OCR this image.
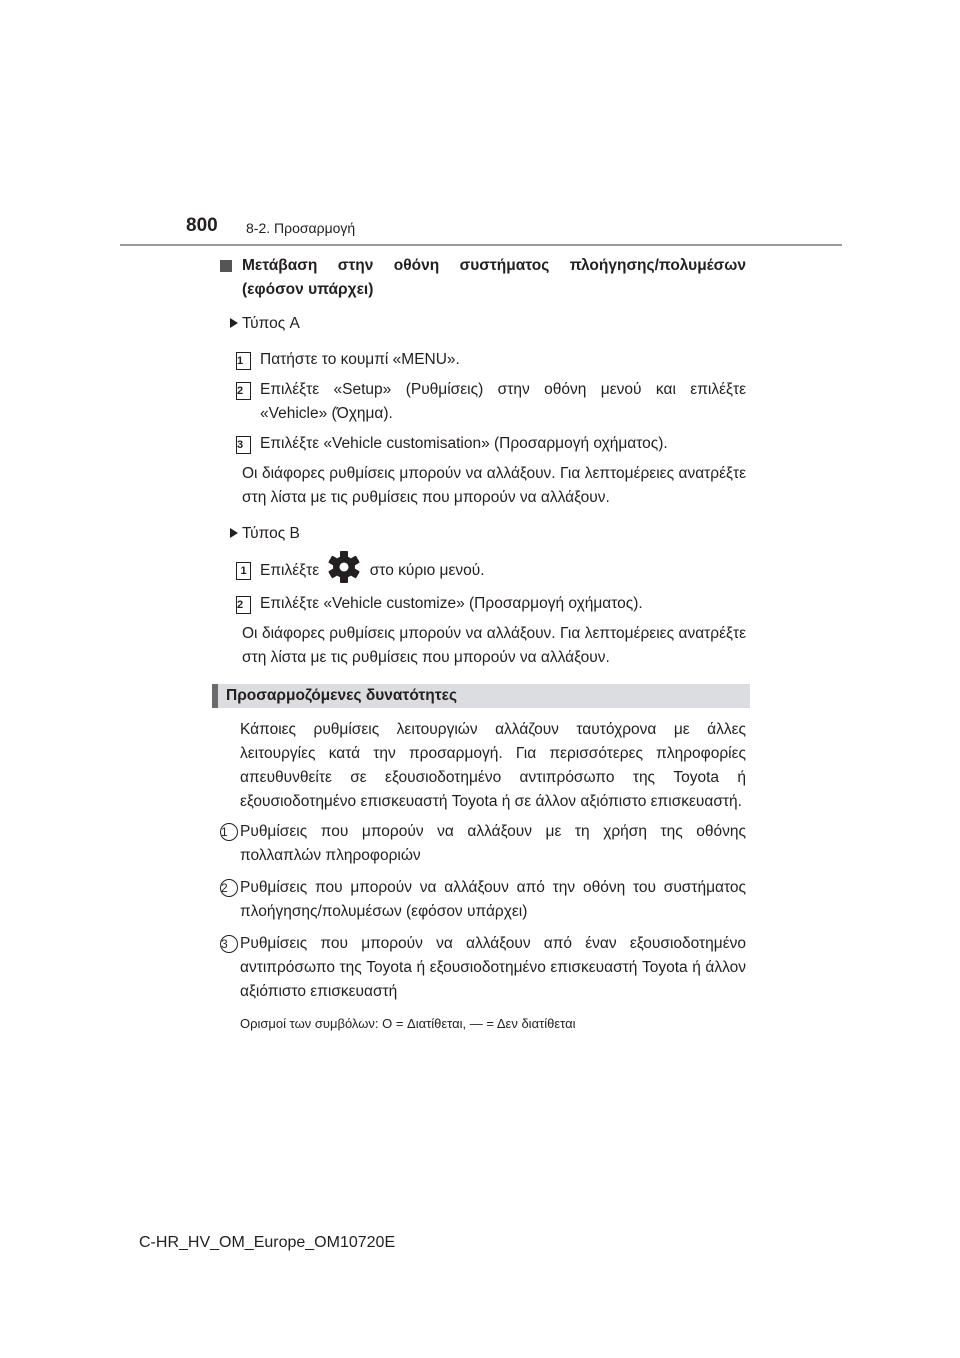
800 8-2. Προσαρμογή
Μετάβαση στην οθόνη συστήματος πλοήγησης/πολυμέσων (εφόσον υπάρχει)
Τύπος A
1	Πατήστε το κουμπί «MENU».
2	Επιλέξτε «Setup» (Ρυθμίσεις) στην οθόνη μενού και επιλέξτε «Vehicle» (Όχημα).
3	Επιλέξτε «Vehicle customisation» (Προσαρμογή οχήματος).
Οι διάφορες ρυθμίσεις μπορούν να αλλάξουν. Για λεπτομέρειες ανατρέξτε στη λίστα με τις ρυθμίσεις που μπορούν να αλλάξουν.
Τύπος B
1 Επιλέξτε	στο κύριο μενού.
2	Επιλέξτε «Vehicle customize» (Προσαρμογή οχήματος).
Οι διάφορες ρυθμίσεις μπορούν να αλλάξουν. Για λεπτομέρειες ανατρέξτε στη λίστα με τις ρυθμίσεις που μπορούν να αλλάξουν.
Προσαρμοζόμενες δυνατότητες
Κάποιες ρυθμίσεις λειτουργιών αλλάζουν ταυτόχρονα με άλλες λειτουργίες κατά την προσαρμογή. Για περισσότερες πληροφορίες απευθυνθείτε σε εξουσιοδοτημένο αντιπρόσωπο της Toyota ή εξουσιοδοτημένο επισκευαστή Toyota ή σε άλλον αξιόπιστο επισκευαστή.
1 Ρυθμίσεις που μπορούν να αλλάξουν με τη χρήση της οθόνης πολλαπλών πληροφοριών
2 Ρυθμίσεις που μπορούν να αλλάξουν από την οθόνη του συστήματος πλοήγησης/πολυμέσων (εφόσον υπάρχει)
3 Ρυθμίσεις που μπορούν να αλλάξουν από έναν εξουσιοδοτημένο αντιπρόσωπο της Toyota ή εξουσιοδοτημένο επισκευαστή Toyota ή άλλον αξιόπιστο επισκευαστή
Ορισμοί των συμβόλων: O = Διατίθεται, — = Δεν διατίθεται
C-HR_HV_OM_Europe_OM10720E
